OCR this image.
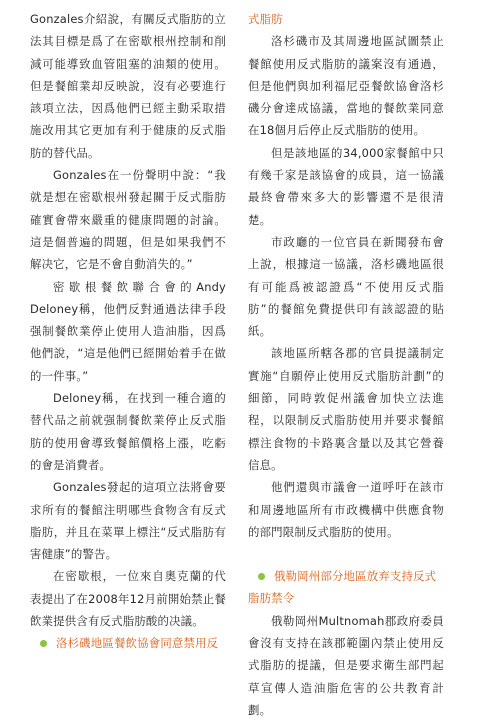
Gonzales介紹說，有關反式脂肪的立法其目標是爲了在密歇根州控制和削減可能導致血管阻塞的油類的使用。但是餐館業却反映說，沒有必要進行該項立法，因爲他們已經主動采取措施改用其它更加有利于健康的反式脂肪的替代品。

Gonzales在一份聲明中說：“我就是想在密歇根州發起關于反式脂肪確實會帶來嚴重的健康問題的討論。這是個普遍的問題，但是如果我們不解决它，它是不會自動消失的。”

密歇根餐飲聯合會的Andy Deloney稱，他們反對通過法律手段强制餐飲業停止使用人造油脂，因爲他們說，“這是他們已經開始着手在做的一件事。”

Deloney稱，在找到一種合適的替代品之前就强制餐飲業停止反式脂肪的使用會導致餐館價格上漲，吃虧的會是消費者。

Gonzales發起的這項立法將會要求所有的餐館注明哪些食物含有反式脂肪，并且在菜單上標注“反式脂肪有害健康”的警告。

在密歇根，一位來自奧克蘭的代表提出了在2008年12月前開始禁止餐飲業提供含有反式脂肪酸的决議。

洛杉磯地區餐飲協會同意禁用反

式脂肪

洛杉磯市及其周邊地區試圖禁止餐館使用反式脂肪的議案沒有通過，但是他們與加利福尼亞餐飲協會洛杉磯分會達成協議，當地的餐飲業同意在18個月后停止反式脂肪的使用。

但是該地區的34,000家餐館中只有幾千家是該協會的成員，這一協議最終會帶來多大的影響還不是很清楚。

市政廳的一位官員在新聞發布會上說，根據這一協議，洛杉磯地區很有可能爲被認證爲“不使用反式脂肪”的餐館免費提供印有該認證的貼紙。

該地區所轄各郡的官員提議制定實施“自願停止使用反式脂肪計劃”的細節，同時敦促州議會加快立法進程，以限制反式脂肪使用并要求餐館標注食物的卡路裏含量以及其它營養信息。

他們還與市議會一道呼吁在該市和周邊地區所有市政機構中供應食物的部門限制反式脂肪的使用。

俄勒岡州部分地區放弃支持反式脂肪禁令

俄勒岡州Multnomah郡政府委員會沒有支持在該郡範圍內禁止使用反式脂肪的提議，但是要求衛生部門起草宣傳人造油脂危害的公共教育計劃。
